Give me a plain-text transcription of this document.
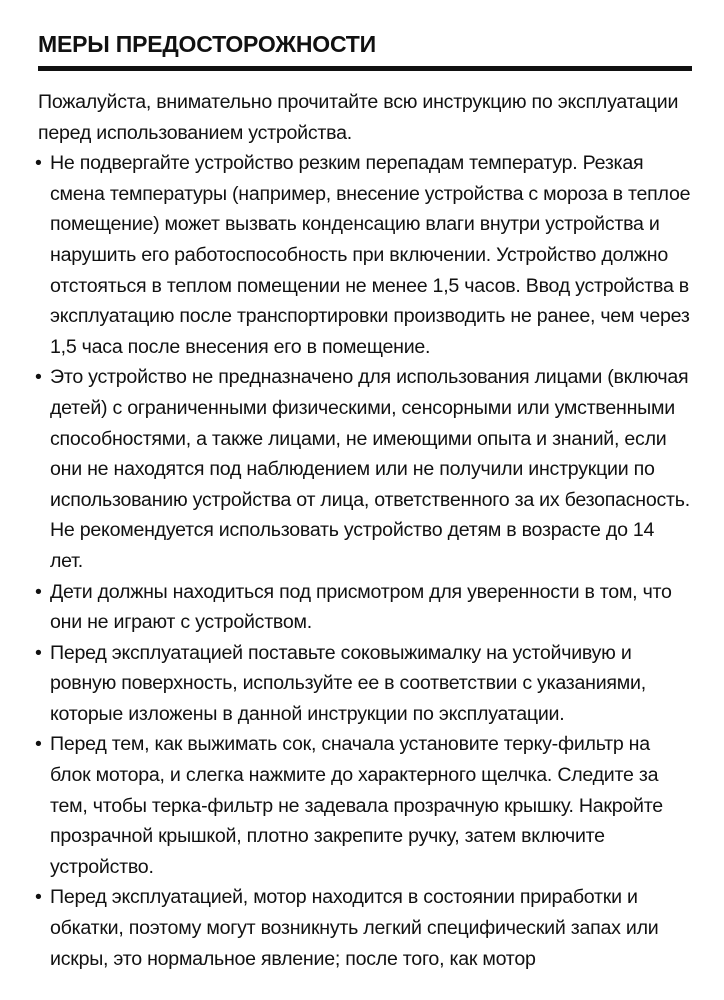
МЕРЫ ПРЕДОСТОРОЖНОСТИ

Пожалуйста, внимательно прочитайте всю инструкцию по эксплуатации перед использованием устройства.

• Не подвергайте устройство резким перепадам температур. Резкая смена температуры (например, внесение устройства с мороза в теплое помещение) может вызвать конденсацию влаги внутри устройства и нарушить его работоспособность при включении. Устройство должно отстояться в теплом помещении не менее 1,5 часов. Ввод устройства в эксплуатацию после транспортировки производить не ранее, чем через 1,5 часа после внесения его в помещение.
• Это устройство не предназначено для использования лицами (включая детей) с ограниченными физическими, сенсорными или умственными способностями, а также лицами, не имеющими опыта и знаний, если они не находятся под наблюдением или не получили инструкции по использованию устройства от лица, ответственного за их безопасность. Не рекомендуется использовать устройство детям в возрасте до 14 лет.
• Дети должны находиться под присмотром для уверенности в том, что они не играют с устройством.
• Перед эксплуатацией поставьте соковыжималку на устойчивую и ровную поверхность, используйте ее в соответствии с указаниями, которые изложены в данной инструкции по эксплуатации.
• Перед тем, как выжимать сок, сначала установите терку-фильтр на блок мотора, и слегка нажмите до характерного щелчка. Следите за тем, чтобы терка-фильтр не задевала прозрачную крышку. Накройте прозрачной крышкой, плотно закрепите ручку, затем включите устройство.
• Перед эксплуатацией, мотор находится в состоянии приработки и обкатки, поэтому могут возникнуть легкий специфический запах или искры, это нормальное явление; после того, как мотор
